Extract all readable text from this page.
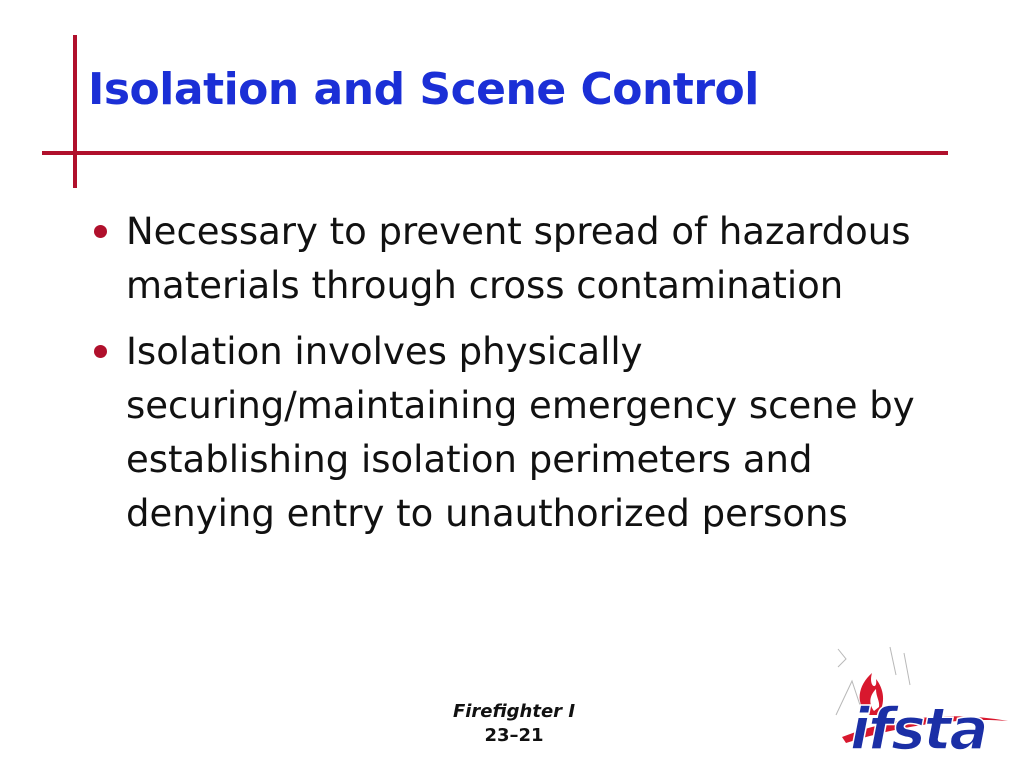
Isolation and Scene Control
Necessary to prevent spread of hazardous materials through cross contamination
Isolation involves physically securing/maintaining emergency scene by establishing isolation perimeters and denying entry to unauthorized persons
Firefighter I
23–21	ifsta
